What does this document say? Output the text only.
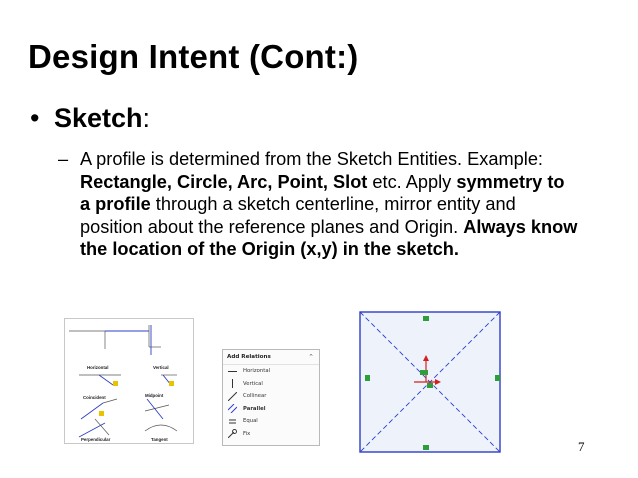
Design Intent (Cont:)
• Sketch:
– A profile is determined from the Sketch Entities. Example: Rectangle, Circle, Arc, Point, Slot etc. Apply symmetry to a profile through a sketch centerline, mirror entity and position about the reference planes and Origin. Always know the location of the Origin (x,y) in the sketch.
Horizontal	Vertical
Coincident	Midpoint
Perpendicular	Tangent
Add Relations	⌃
Horizontal
Vertical
Collinear
Parallel
Equal
Fix
7
